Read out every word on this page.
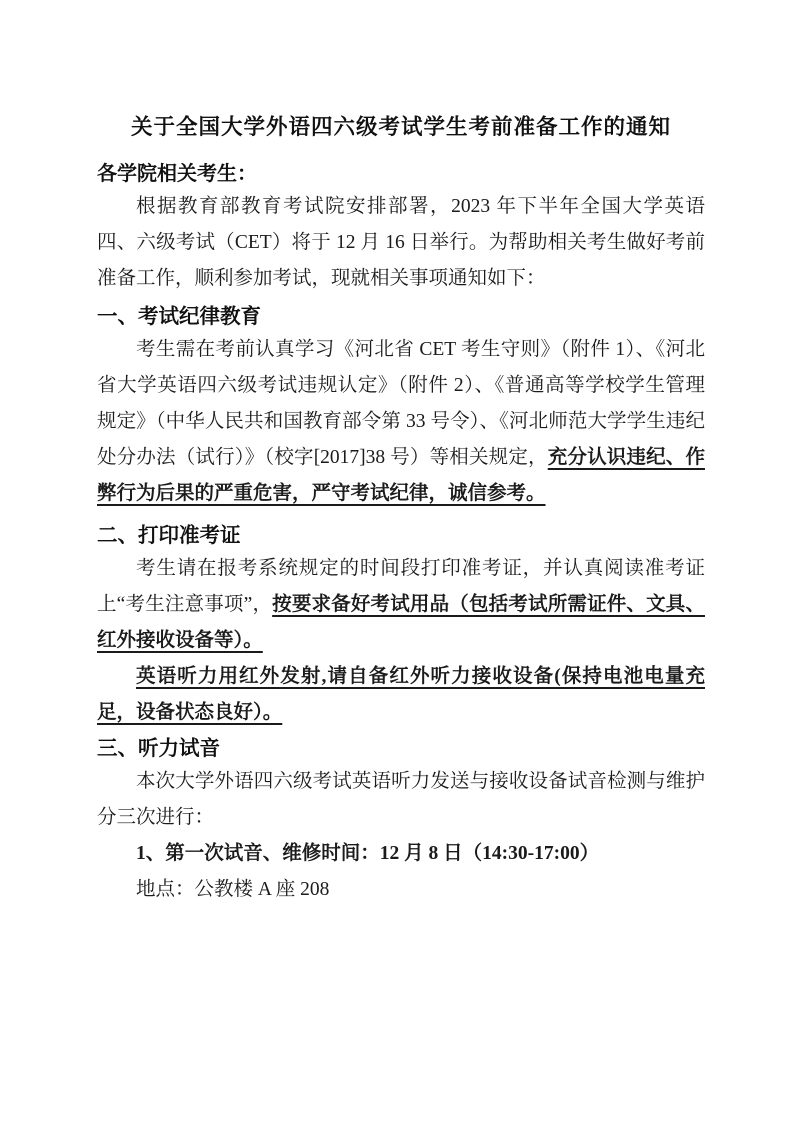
关于全国大学外语四六级考试学生考前准备工作的通知

各学院相关考生：

根据教育部教育考试院安排部署，2023 年下半年全国大学英语四、六级考试（CET）将于 12 月 16 日举行。为帮助相关考生做好考前准备工作，顺利参加考试，现就相关事项通知如下：

一、考试纪律教育

考生需在考前认真学习《河北省 CET 考生守则》（附件 1）、《河北省大学英语四六级考试违规认定》（附件 2）、《普通高等学校学生管理规定》（中华人民共和国教育部令第 33 号令）、《河北师范大学学生违纪处分办法（试行）》（校字[2017]38 号）等相关规定，充分认识违纪、作弊行为后果的严重危害，严守考试纪律，诚信参考。

二、打印准考证

考生请在报考系统规定的时间段打印准考证，并认真阅读准考证上“考生注意事项”，按要求备好考试用品（包括考试所需证件、文具、红外接收设备等）。

英语听力用红外发射,请自备红外听力接收设备(保持电池电量充足，设备状态良好）。

三、听力试音

本次大学外语四六级考试英语听力发送与接收设备试音检测与维护分三次进行：

1、第一次试音、维修时间：12 月 8 日（14:30-17:00）

地点：公教楼 A 座 208
